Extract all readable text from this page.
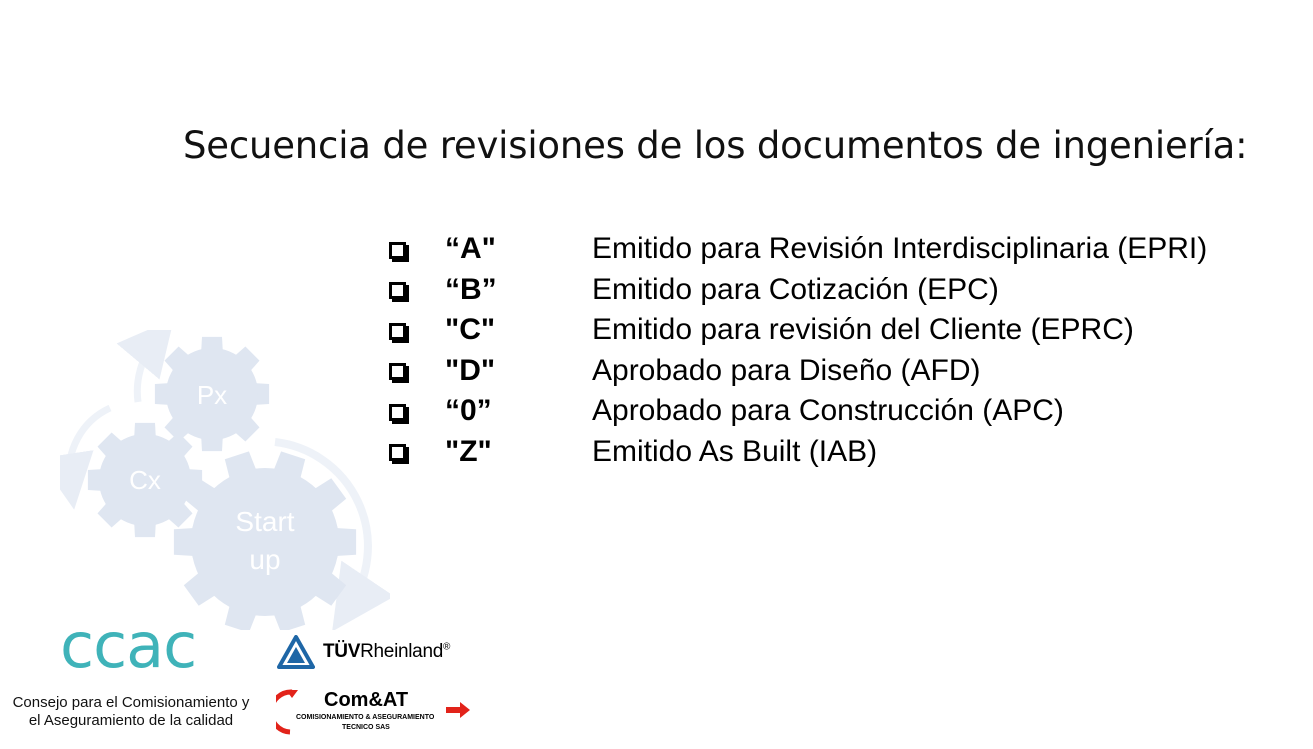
Secuencia de revisiones de los documentos de ingeniería:
“A"	Emitido para Revisión Interdisciplinaria (EPRI)
“B”	Emitido para Cotización (EPC)
"C"	Emitido para revisión del Cliente (EPRC)
"D"	Aprobado para Diseño (AFD)
“0”	Aprobado para Construcción (APC)
"Z"	Emitido As Built (IAB)
Px
Cx
Start
up
ccac
Consejo para el Comisionamiento y
el Aseguramiento de la calidad
TÜVRheinland®
Com&AT
COMISIONAMIENTO & ASEGURAMIENTO
TECNICO SAS
